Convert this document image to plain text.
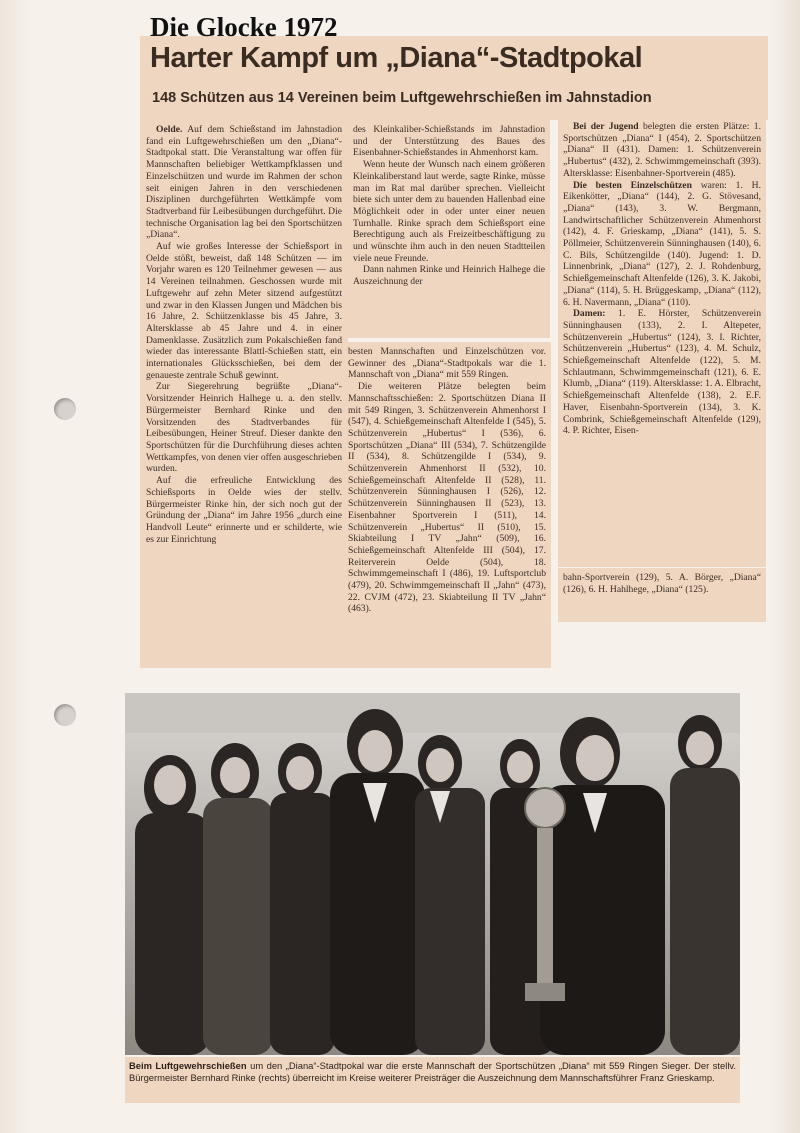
Die Glocke 1972
Harter Kampf um „Diana“-Stadtpokal
148 Schützen aus 14 Vereinen beim Luftgewehrschießen im Jahnstadion

Oelde. Auf dem Schießstand im Jahnstadion fand ein Luftgewehrschießen um den „Diana“-Stadtpokal statt. Die Veranstaltung war offen für Mannschaften beliebiger Wettkampfklassen und Einzelschützen und wurde im Rahmen der schon seit einigen Jahren in den verschiedenen Disziplinen durchgeführten Wettkämpfe vom Stadtverband für Leibesübungen durchgeführt. Die technische Organisation lag bei den Sportschützen „Diana“.

Auf wie großes Interesse der Schießsport in Oelde stößt, beweist, daß 148 Schützen — im Vorjahr waren es 120 Teilnehmer gewesen — aus 14 Vereinen teilnahmen. Geschossen wurde mit Luftgewehr auf zehn Meter sitzend aufgestützt und zwar in den Klassen Jungen und Mädchen bis 16 Jahre, 2. Schützenklasse bis 45 Jahre, 3. Altersklasse ab 45 Jahre und 4. in einer Damenklasse. Zusätzlich zum Pokalschießen fand wieder das interessante Blattl-Schießen statt, ein internationales Glücksschießen, bei dem der genaueste zentrale Schuß gewinnt.

Zur Siegerehrung begrüßte „Diana“-Vorsitzender Heinrich Halhege u. a. den stellv. Bürgermeister Bernhard Rinke und den Vorsitzenden des Stadtverbandes für Leibesübungen, Heiner Streuf. Dieser dankte den Sportschützen für die Durchführung dieses achten Wettkampfes, von denen vier offen ausgeschrieben wurden.

Auf die erfreuliche Entwicklung des Schießsports in Oelde wies der stellv. Bürgermeister Rinke hin, der sich noch gut der Gründung der „Diana“ im Jahre 1956 „durch eine Handvoll Leute“ erinnerte und er schilderte, wie es zur Einrichtung

des Kleinkaliber-Schießstands im Jahnstadion und der Unterstützung des Baues des Eisenbahner-Schießstandes in Ahmenhorst kam.

Wenn heute der Wunsch nach einem größeren Kleinkaliberstand laut werde, sagte Rinke, müsse man im Rat mal darüber sprechen. Vielleicht biete sich unter dem zu bauenden Hallenbad eine Möglichkeit oder in oder unter einer neuen Turnhalle. Rinke sprach dem Schießsport eine Berechtigung auch als Freizeitbeschäftigung zu und wünschte ihm auch in den neuen Stadtteilen viele neue Freunde.

Dann nahmen Rinke und Heinrich Halhege die Auszeichnung der

besten Mannschaften und Einzelschützen vor. Gewinner des „Diana“-Stadtpokals war die 1. Mannschaft von „Diana“ mit 559 Ringen.

Die weiteren Plätze belegten beim Mannschaftsschießen: 2. Sportschützen Diana II mit 549 Ringen, 3. Schützenverein Ahmenhorst I (547), 4. Schießgemeinschaft Altenfelde I (545), 5. Schützenverein „Hubertus“ I (536), 6. Sportschützen „Diana“ III (534), 7. Schützengilde II (534), 8. Schützengilde I (534), 9. Schützenverein Ahmenhorst II (532), 10. Schießgemeinschaft Altenfelde II (528), 11. Schützenverein Sünninghausen I (526), 12. Schützenverein Sünninghausen II (523), 13. Eisenbahner Sportverein I (511), 14. Schützenverein „Hubertus“ II (510), 15. Skiabteilung I TV „Jahn“ (509), 16. Schießgemeinschaft Altenfelde III (504), 17. Reiterverein Oelde (504), 18. Schwimmgemeinschaft I (486), 19. Luftsportclub (479), 20. Schwimmgemeinschaft II „Jahn“ (473), 22. CVJM (472), 23. Skiabteilung II TV „Jahn“ (463).

Bei der Jugend belegten die ersten Plätze: 1. Sportschützen „Diana“ I (454), 2. Sportschützen „Diana“ II (431). Damen: 1. Schützenverein „Hubertus“ (432), 2. Schwimmgemeinschaft (393). Altersklasse: Eisenbahner-Sportverein (485).

Die besten Einzelschützen waren: 1. H. Eikenkötter, „Diana“ (144), 2. G. Stövesand, „Diana“ (143), 3. W. Bergmann, Landwirtschaftlicher Schützenverein Ahmenhorst (142), 4. F. Grieskamp, „Diana“ (141), 5. S. Pöllmeier, Schützenverein Sünninghausen (140), 6. C. Bils, Schützengilde (140). Jugend: 1. D. Linnenbrink, „Diana“ (127), 2. J. Rohdenburg, Schießgemeinschaft Altenfelde (126), 3. K. Jakobi, „Diana“ (114), 5. H. Brüggeskamp, „Diana“ (112), 6. H. Navermann, „Diana“ (110).

Damen: 1. E. Hörster, Schützenverein Sünninghausen (133), 2. I. Altepeter, Schützenverein „Hubertus“ (124), 3. I. Richter, Schützenverein „Hubertus“ (123), 4. M. Schulz, Schießgemeinschaft Altenfelde (122), 5. M. Schlautmann, Schwimmgemeinschaft (121), 6. E. Klumb, „Diana“ (119). Altersklasse: 1. A. Elbracht, Schießgemeinschaft Altenfelde (138), 2. E.F. Haver, Eisenbahn-Sportverein (134), 3. K. Combrink, Schießgemeinschaft Altenfelde (129), 4. P. Richter, Eisen-

bahn-Sportverein (129), 5. A. Börger, „Diana“ (126), 6. H. Hahlhege, „Diana“ (125).

Beim Luftgewehrschießen um den „Diana“-Stadtpokal war die erste Mannschaft der Sportschützen „Diana“ mit 559 Ringen Sieger. Der stellv. Bürgermeister Bernhard Rinke (rechts) überreicht im Kreise weiterer Preisträger die Auszeichnung dem Mannschaftsführer Franz Grieskamp.
